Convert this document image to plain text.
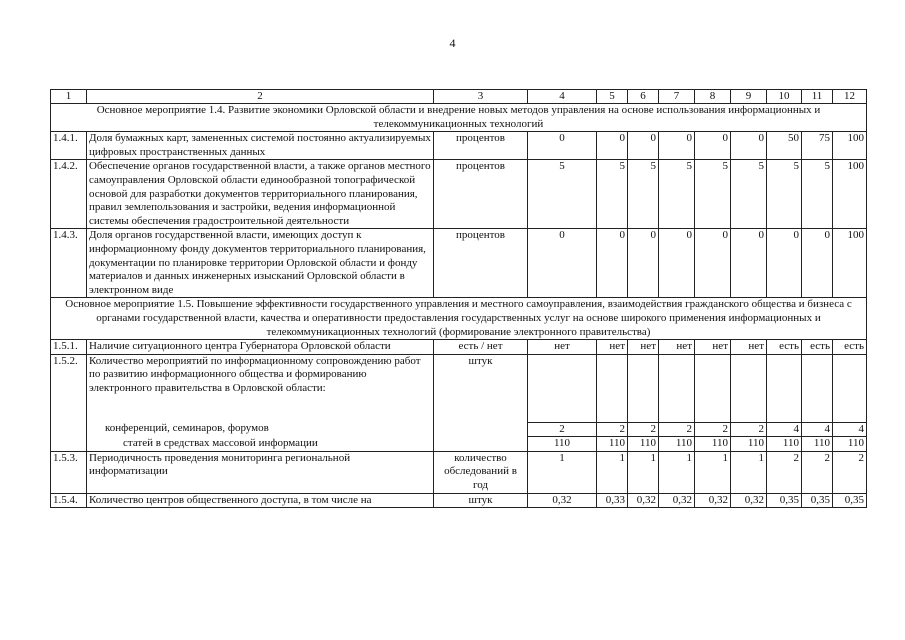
4
1	2	3	4	5	6	7	8	9	10	11	12
Основное мероприятие 1.4. Развитие экономики Орловской области и внедрение новых методов управления на основе использования информационных и телекоммуникационных технологий											
1.4.1.	Доля бумажных карт, замененных системой постоянно актуализируемых цифровых пространственных данных	процентов	0	0	0	0	0	0	50	75	100
1.4.2.	Обеспечение органов государственной власти, а также органов местного самоуправления Орловской области единообразной топографической основой для разработки документов территориального планирования, правил землепользования и застройки, ведения информационной системы обеспечения градостроительной деятельности	процентов	5	5	5	5	5	5	5	5	100
1.4.3.	Доля органов государственной власти, имеющих доступ к информационному фонду документов территориального планирования, документации по планировке территории Орловской области и фонду материалов и данных инженерных изысканий Орловской области в электронном виде	процентов	0	0	0	0	0	0	0	0	100
Основное мероприятие 1.5. Повышение эффективности государственного управления и местного самоуправления, взаимодействия гражданского общества и бизнеса с органами государственной власти, качества и оперативности предоставления государственных услуг на основе широкого применения информационных и телекоммуникационных технологий (формирование электронного правительства)											
1.5.1.	Наличие ситуационного центра Губернатора Орловской области	есть / нет	нет	нет	нет	нет	нет	нет	есть	есть	есть
1.5.2.	Количество мероприятий по информационному сопровождению работ по развитию информационного общества и формированию электронного правительства в Орловской области:	штук									
	конференций, семинаров, форумов		2	2	2	2	2	2	4	4	4
	статей в средствах массовой информации		110	110	110	110	110	110	110	110	110
1.5.3.	Периодичность проведения мониторинга региональной информатизации	количество обследований в год	1	1	1	1	1	1	2	2	2
1.5.4.	Количество центров общественного доступа, в том числе на	штук	0,32	0,33	0,32	0,32	0,32	0,32	0,35	0,35	0,35
